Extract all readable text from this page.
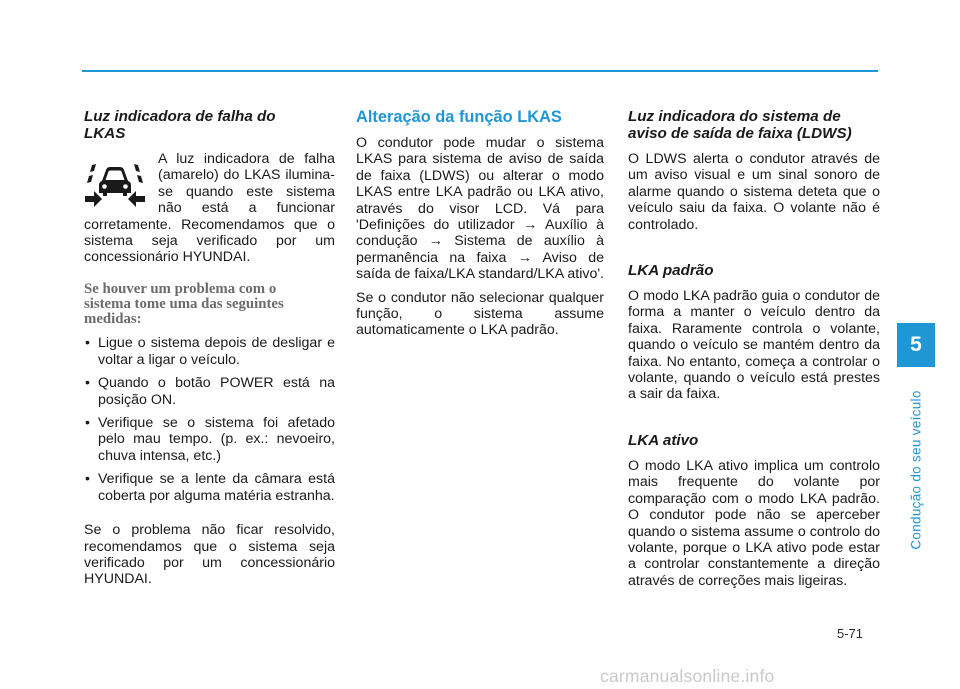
Luz indicadora de falha do
LKAS

A luz indicadora de falha (amarelo) do LKAS ilumina-se quando este sistema não está a funcionar corretamente. Recomendamos que o sistema seja verificado por um concessionário HYUNDAI.

Se houver um problema com o
sistema tome uma das seguintes
medidas:
• Ligue o sistema depois de desligar e voltar a ligar o veículo.
• Quando o botão POWER está na posição ON.
• Verifique se o sistema foi afetado pelo mau tempo. (p. ex.: nevoeiro, chuva intensa, etc.)
• Verifique se a lente da câmara está coberta por alguma matéria estranha.

Se o problema não ficar resolvido, recomendamos que o sistema seja verificado por um concessionário HYUNDAI.

Alteração da função LKAS

O condutor pode mudar o sistema LKAS para sistema de aviso de saída de faixa (LDWS) ou alterar o modo LKAS entre LKA padrão ou LKA ativo, através do visor LCD. Vá para 'Definições do utilizador → Auxílio à condução → Sistema de auxílio à permanência na faixa → Aviso de saída de faixa/LKA standard/LKA ativo'.

Se o condutor não selecionar qualquer função, o sistema assume automaticamente o LKA padrão.

Luz indicadora do sistema de
aviso de saída de faixa (LDWS)

O LDWS alerta o condutor através de um aviso visual e um sinal sonoro de alarme quando o sistema deteta que o veículo saiu da faixa. O volante não é controlado.

LKA padrão

O modo LKA padrão guia o condutor de forma a manter o veículo dentro da faixa. Raramente controla o volante, quando o veículo se mantém dentro da faixa. No entanto, começa a controlar o volante, quando o veículo está prestes a sair da faixa.

LKA ativo

O modo LKA ativo implica um controlo mais frequente do volante por comparação com o modo LKA padrão. O condutor pode não se aperceber quando o sistema assume o controlo do volante, porque o LKA ativo pode estar a controlar constantemente a direção através de correções mais ligeiras.

5
Condução do seu veículo
5-71
carmanualsonline.info
